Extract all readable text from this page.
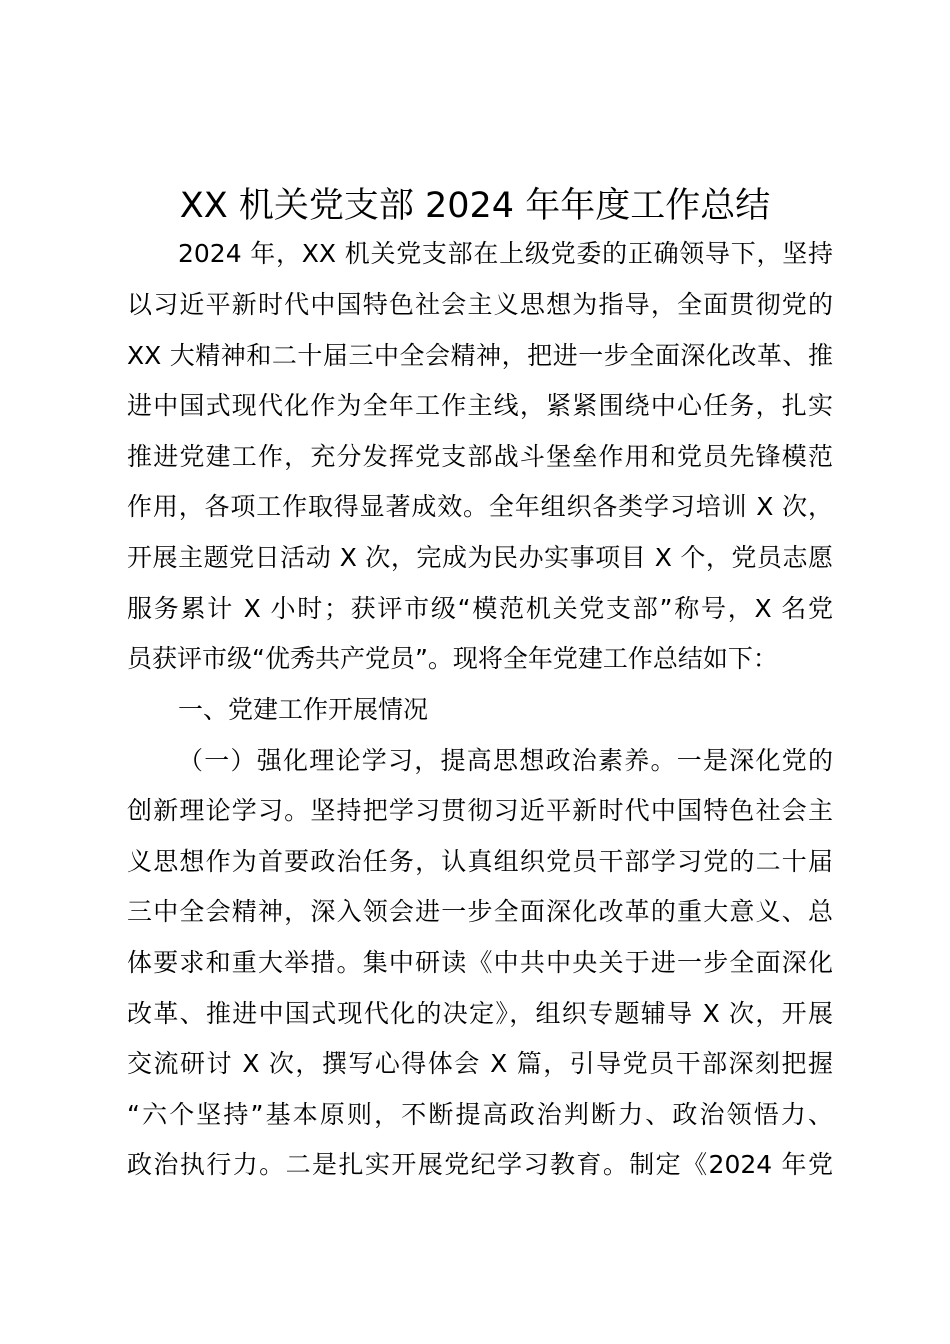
XX 机关党支部 2024 年年度工作总结
2024 年，XX 机关党支部在上级党委的正确领导下，坚持
以习近平新时代中国特色社会主义思想为指导，全面贯彻党的
XX 大精神和二十届三中全会精神，把进一步全面深化改革、推
进中国式现代化作为全年工作主线，紧紧围绕中心任务，扎实
推进党建工作，充分发挥党支部战斗堡垒作用和党员先锋模范
作用，各项工作取得显著成效。全年组织各类学习培训 X 次，
开展主题党日活动 X 次，完成为民办实事项目 X 个，党员志愿
服务累计 X 小时；获评市级“模范机关党支部”称号，X 名党
员获评市级“优秀共产党员”。现将全年党建工作总结如下：
一、党建工作开展情况
（一）强化理论学习，提高思想政治素养。一是深化党的
创新理论学习。坚持把学习贯彻习近平新时代中国特色社会主
义思想作为首要政治任务，认真组织党员干部学习党的二十届
三中全会精神，深入领会进一步全面深化改革的重大意义、总
体要求和重大举措。集中研读《中共中央关于进一步全面深化
改革、推进中国式现代化的决定》，组织专题辅导 X 次，开展
交流研讨 X 次，撰写心得体会 X 篇，引导党员干部深刻把握
“六个坚持”基本原则，不断提高政治判断力、政治领悟力、
政治执行力。二是扎实开展党纪学习教育。制定《2024 年党
